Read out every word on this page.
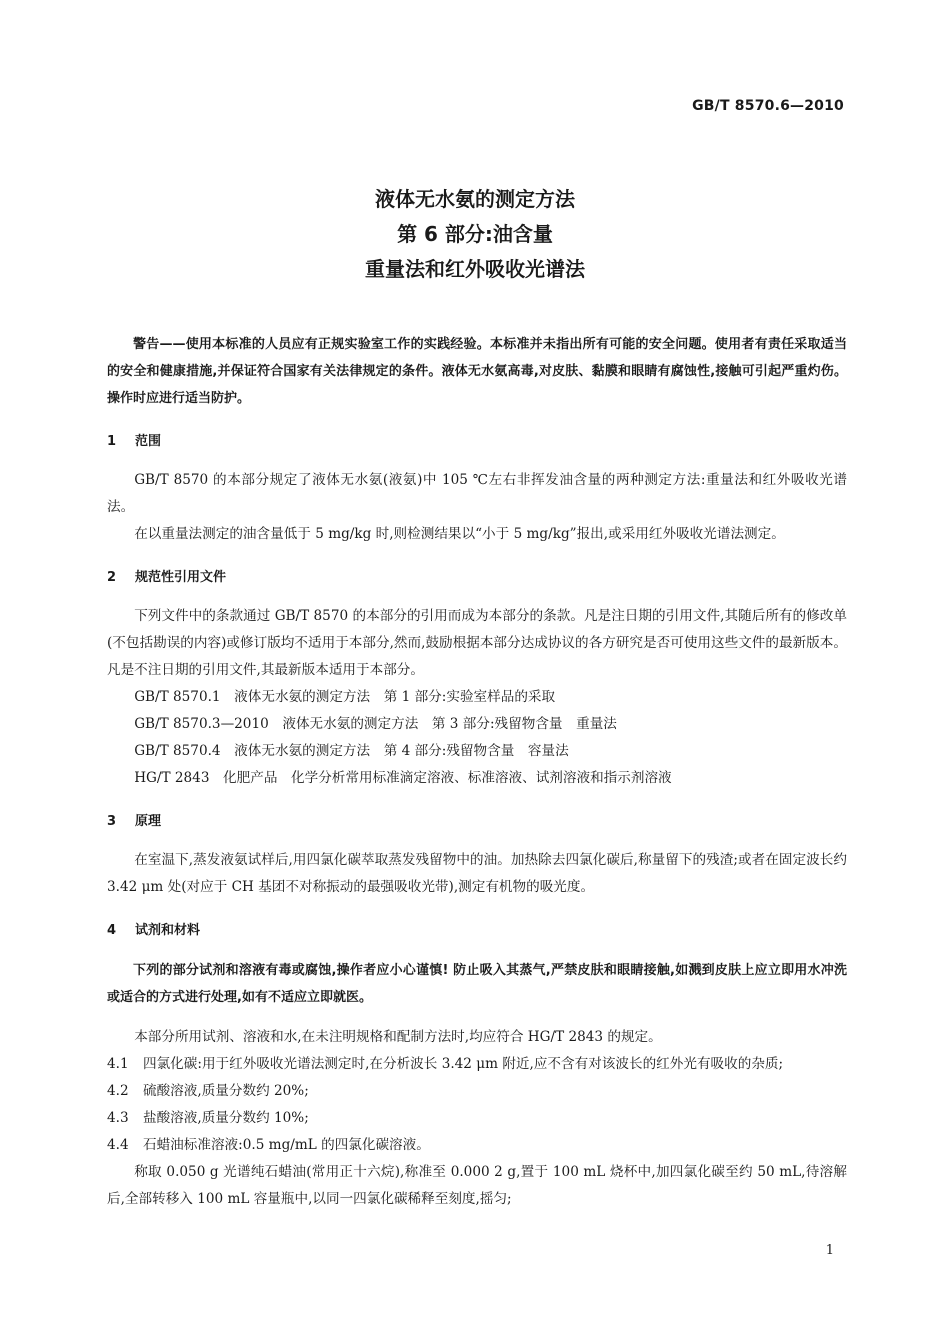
GB/T 8570.6—2010
液体无水氨的测定方法
第 6 部分:油含量
重量法和红外吸收光谱法

警告——使用本标准的人员应有正规实验室工作的实践经验。本标准并未指出所有可能的安全问题。使用者有责任采取适当的安全和健康措施,并保证符合国家有关法律规定的条件。液体无水氨高毒,对皮肤、黏膜和眼睛有腐蚀性,接触可引起严重灼伤。操作时应进行适当防护。

1 范围

GB/T 8570 的本部分规定了液体无水氨(液氨)中 105 ℃左右非挥发油含量的两种测定方法:重量法和红外吸收光谱法。

在以重量法测定的油含量低于 5 mg/kg 时,则检测结果以“小于 5 mg/kg”报出,或采用红外吸收光谱法测定。

2 规范性引用文件

下列文件中的条款通过 GB/T 8570 的本部分的引用而成为本部分的条款。凡是注日期的引用文件,其随后所有的修改单(不包括勘误的内容)或修订版均不适用于本部分,然而,鼓励根据本部分达成协议的各方研究是否可使用这些文件的最新版本。凡是不注日期的引用文件,其最新版本适用于本部分。

GB/T 8570.1　液体无水氨的测定方法　第 1 部分:实验室样品的采取

GB/T 8570.3—2010　液体无水氨的测定方法　第 3 部分:残留物含量　重量法

GB/T 8570.4　液体无水氨的测定方法　第 4 部分:残留物含量　容量法

HG/T 2843　化肥产品　化学分析常用标准滴定溶液、标准溶液、试剂溶液和指示剂溶液

3 原理

在室温下,蒸发液氨试样后,用四氯化碳萃取蒸发残留物中的油。加热除去四氯化碳后,称量留下的残渣;或者在固定波长约 3.42 μm 处(对应于 CH 基团不对称振动的最强吸收光带),测定有机物的吸光度。

4 试剂和材料

下列的部分试剂和溶液有毒或腐蚀,操作者应小心谨慎! 防止吸入其蒸气,严禁皮肤和眼睛接触,如溅到皮肤上应立即用水冲洗或适合的方式进行处理,如有不适应立即就医。

本部分所用试剂、溶液和水,在未注明规格和配制方法时,均应符合 HG/T 2843 的规定。

4.1 四氯化碳:用于红外吸收光谱法测定时,在分析波长 3.42 μm 附近,应不含有对该波长的红外光有吸收的杂质;

4.2 硫酸溶液,质量分数约 20%;

4.3 盐酸溶液,质量分数约 10%;

4.4 石蜡油标准溶液:0.5 mg/mL 的四氯化碳溶液。

称取 0.050 g 光谱纯石蜡油(常用正十六烷),称准至 0.000 2 g,置于 100 mL 烧杯中,加四氯化碳至约 50 mL,待溶解后,全部转移入 100 mL 容量瓶中,以同一四氯化碳稀释至刻度,摇匀;

1
